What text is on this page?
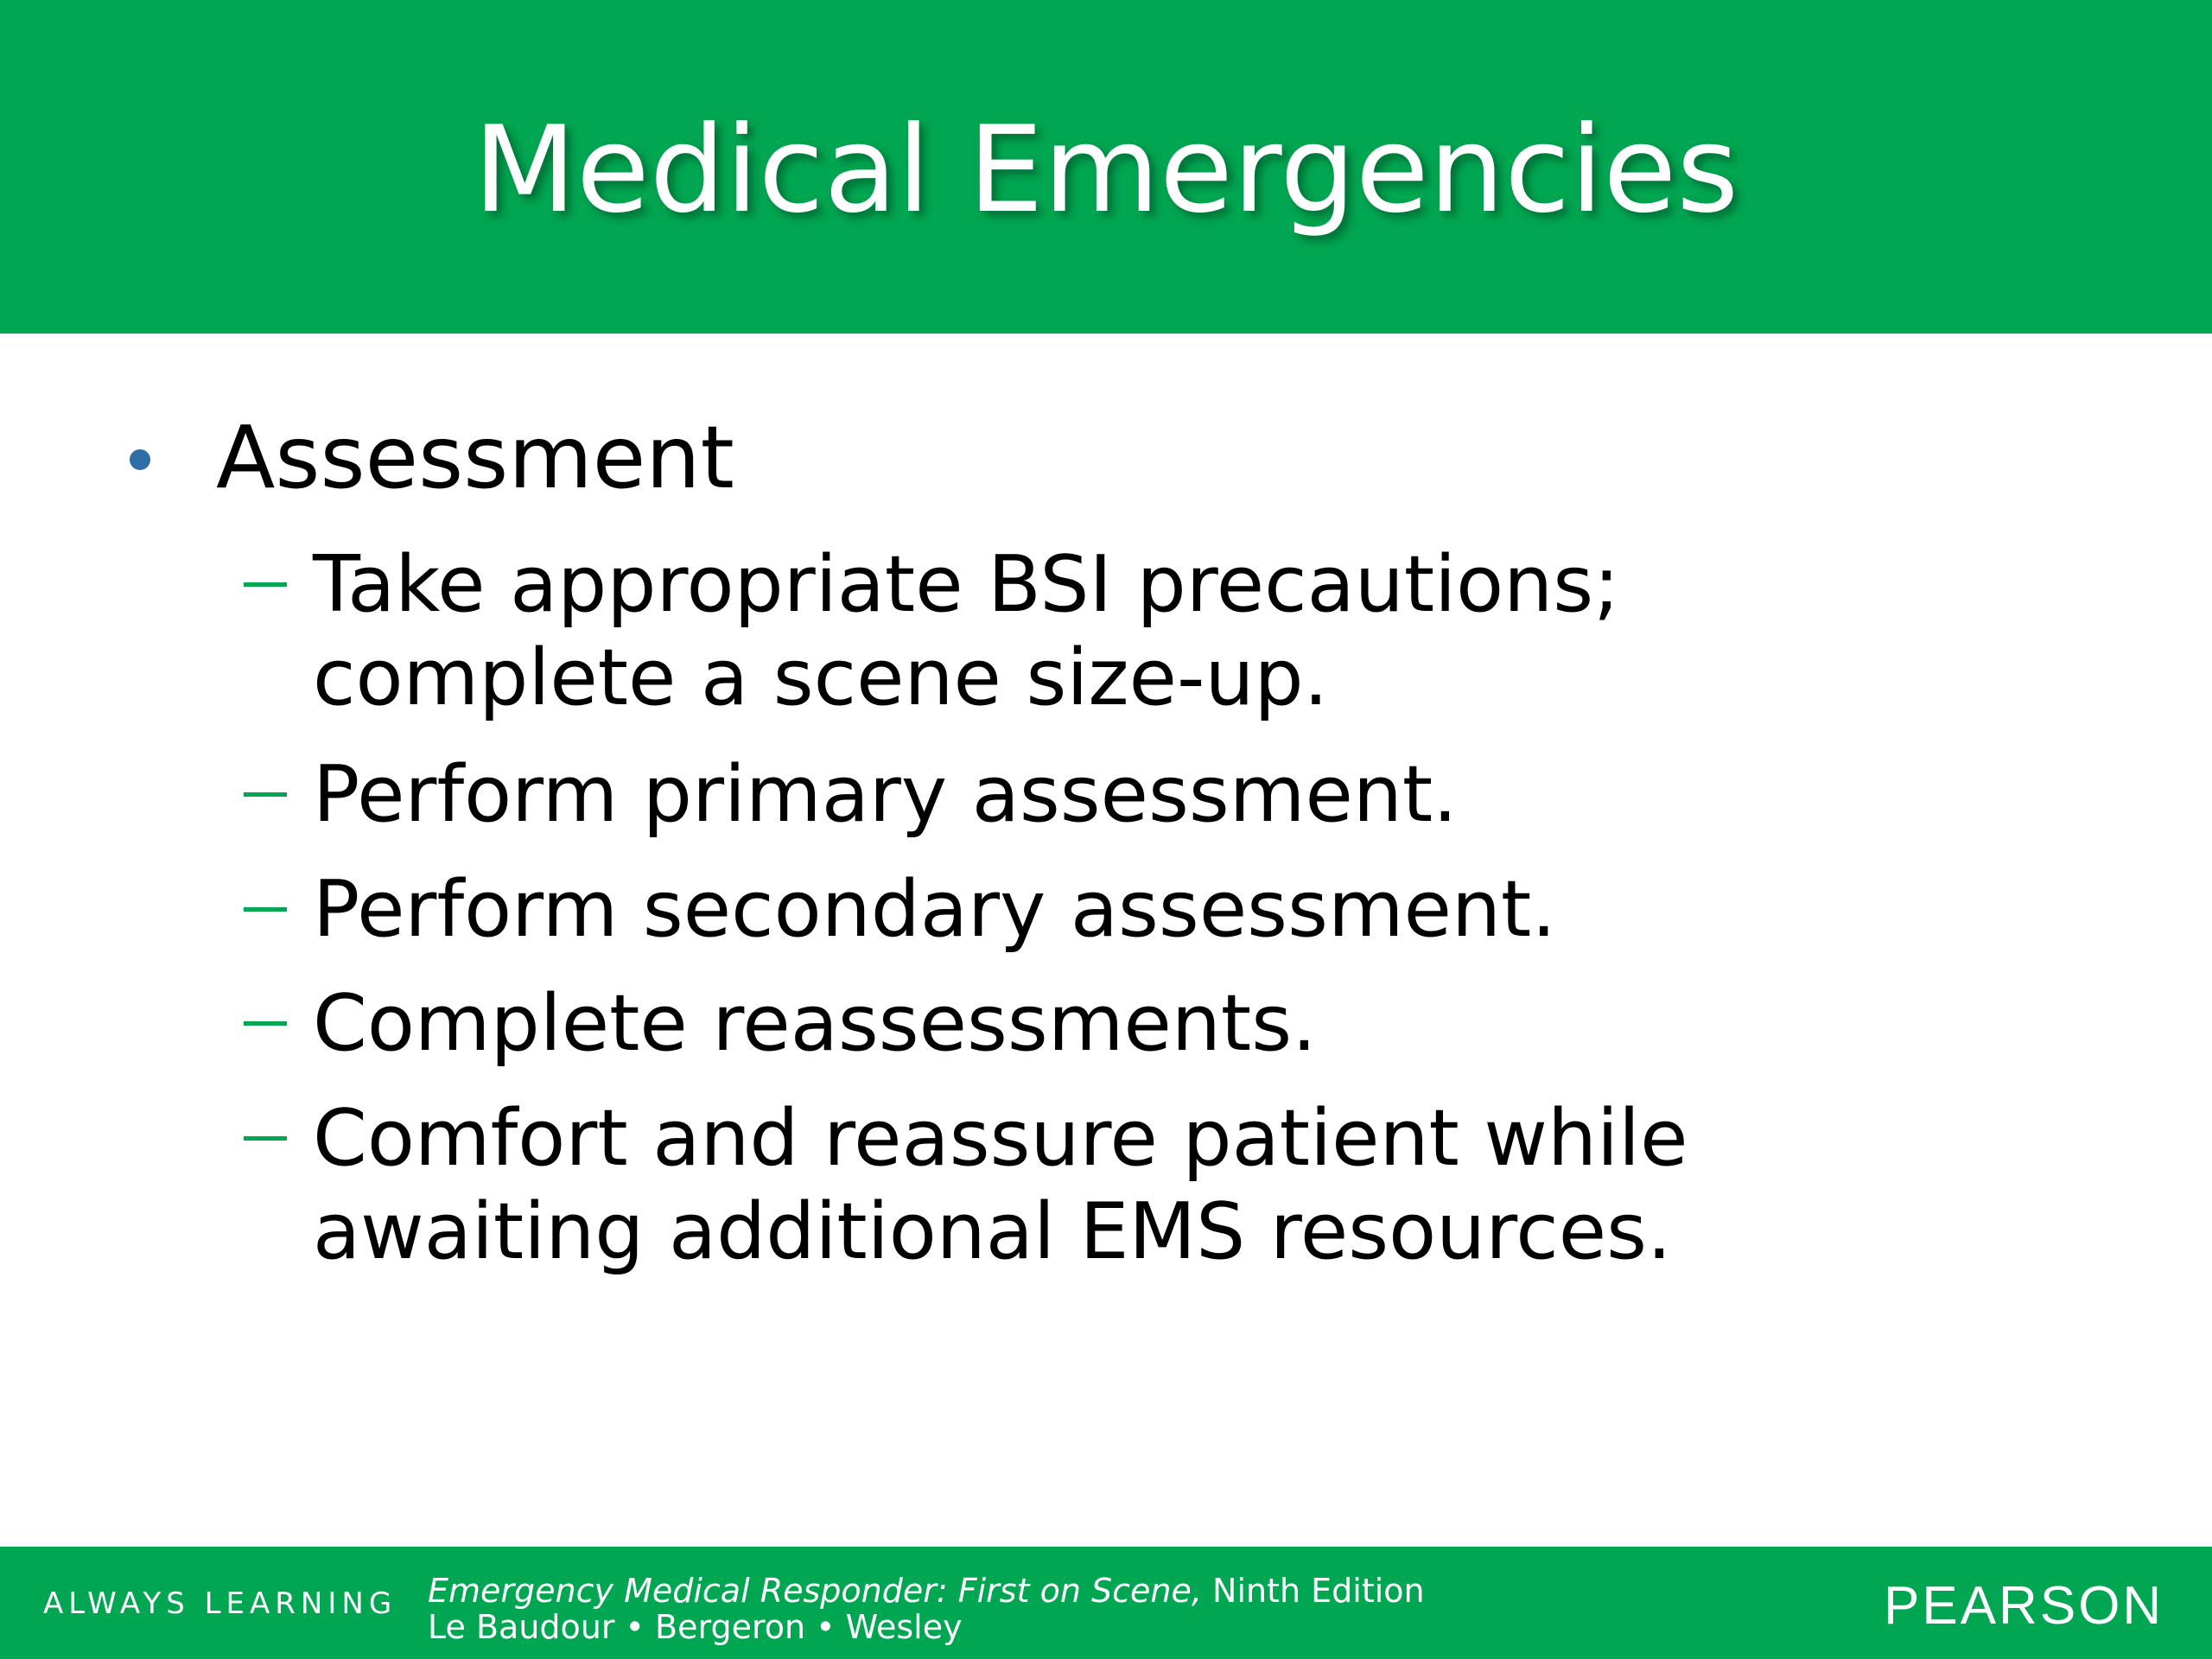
Medical Emergencies
Assessment
Take appropriate BSI precautions;
complete a scene size-up.
Perform primary assessment.
Perform secondary assessment.
Complete reassessments.
Comfort and reassure patient while
awaiting additional EMS resources.
ALWAYS LEARNING Emergency Medical Responder: First on Scene, Ninth Edition
Le Baudour • Bergeron • Wesley	PEARSON
